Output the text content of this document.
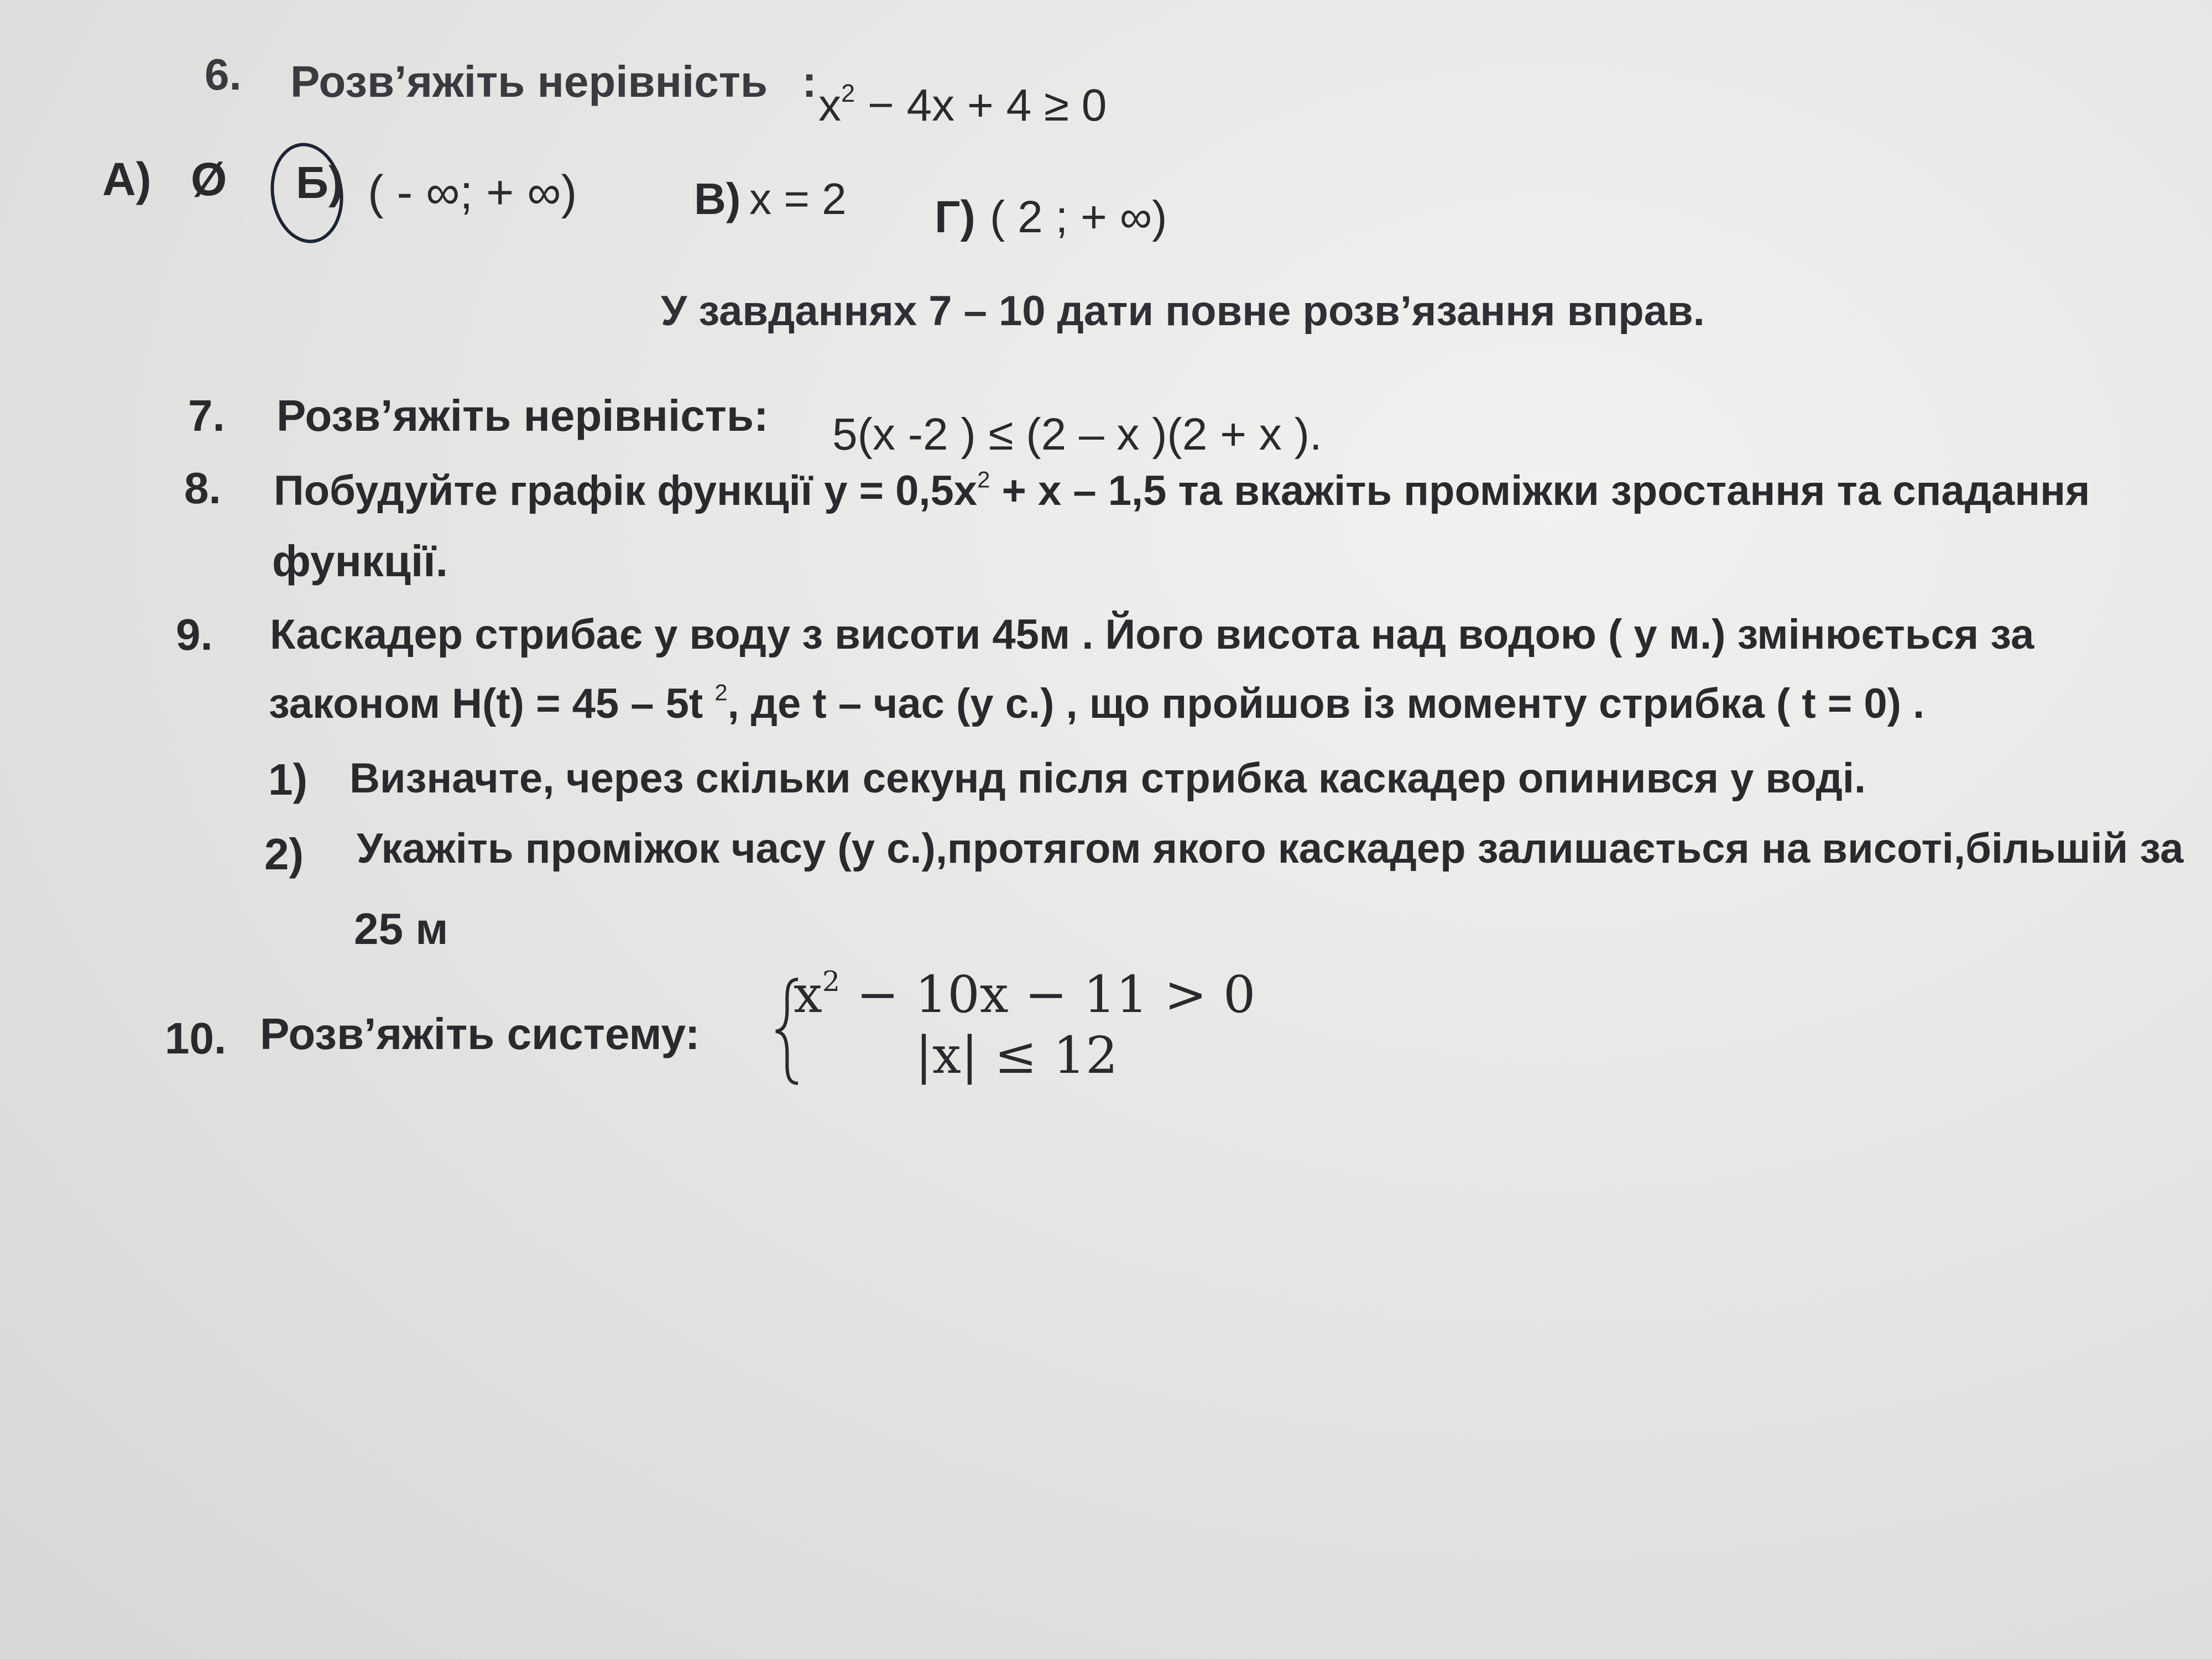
6. Розв’яжіть нерівність : $x^2 - 4x + 4 \ge 0$
А) Ø Б) ( - ∞; + ∞)	В) x = 2 Г) ( 2 ; + ∞)
У завданнях 7 – 10 дати повне розв’язання вправ.
7. Розв’яжіть нерівність: 5(x -2 ) ≤ (2 – x )(2 + x ).
8. Побудуйте графік функції $у = 0,5х^2 + х - 1,5$ та вкажіть проміжки зростання та спадання
функції.
9. Каскадер стрибає у воду з висоти 45м . Його висота над водою ( у м.) змінюється за
законом H(t) = 45 – 5t $^2$, де t – час (у с.) , що пройшов із моменту стрибка ( t = 0) .
1) Визначте, через скільки секунд після стрибка каскадер опинився у воді.
2) Укажіть проміжок часу (у с.),протягом якого каскадер залишається на висоті,більшій за
25 м
10. Розв’яжіть систему:
$x^2 - 10x - 11 > 0$
|x| ≤ 12
